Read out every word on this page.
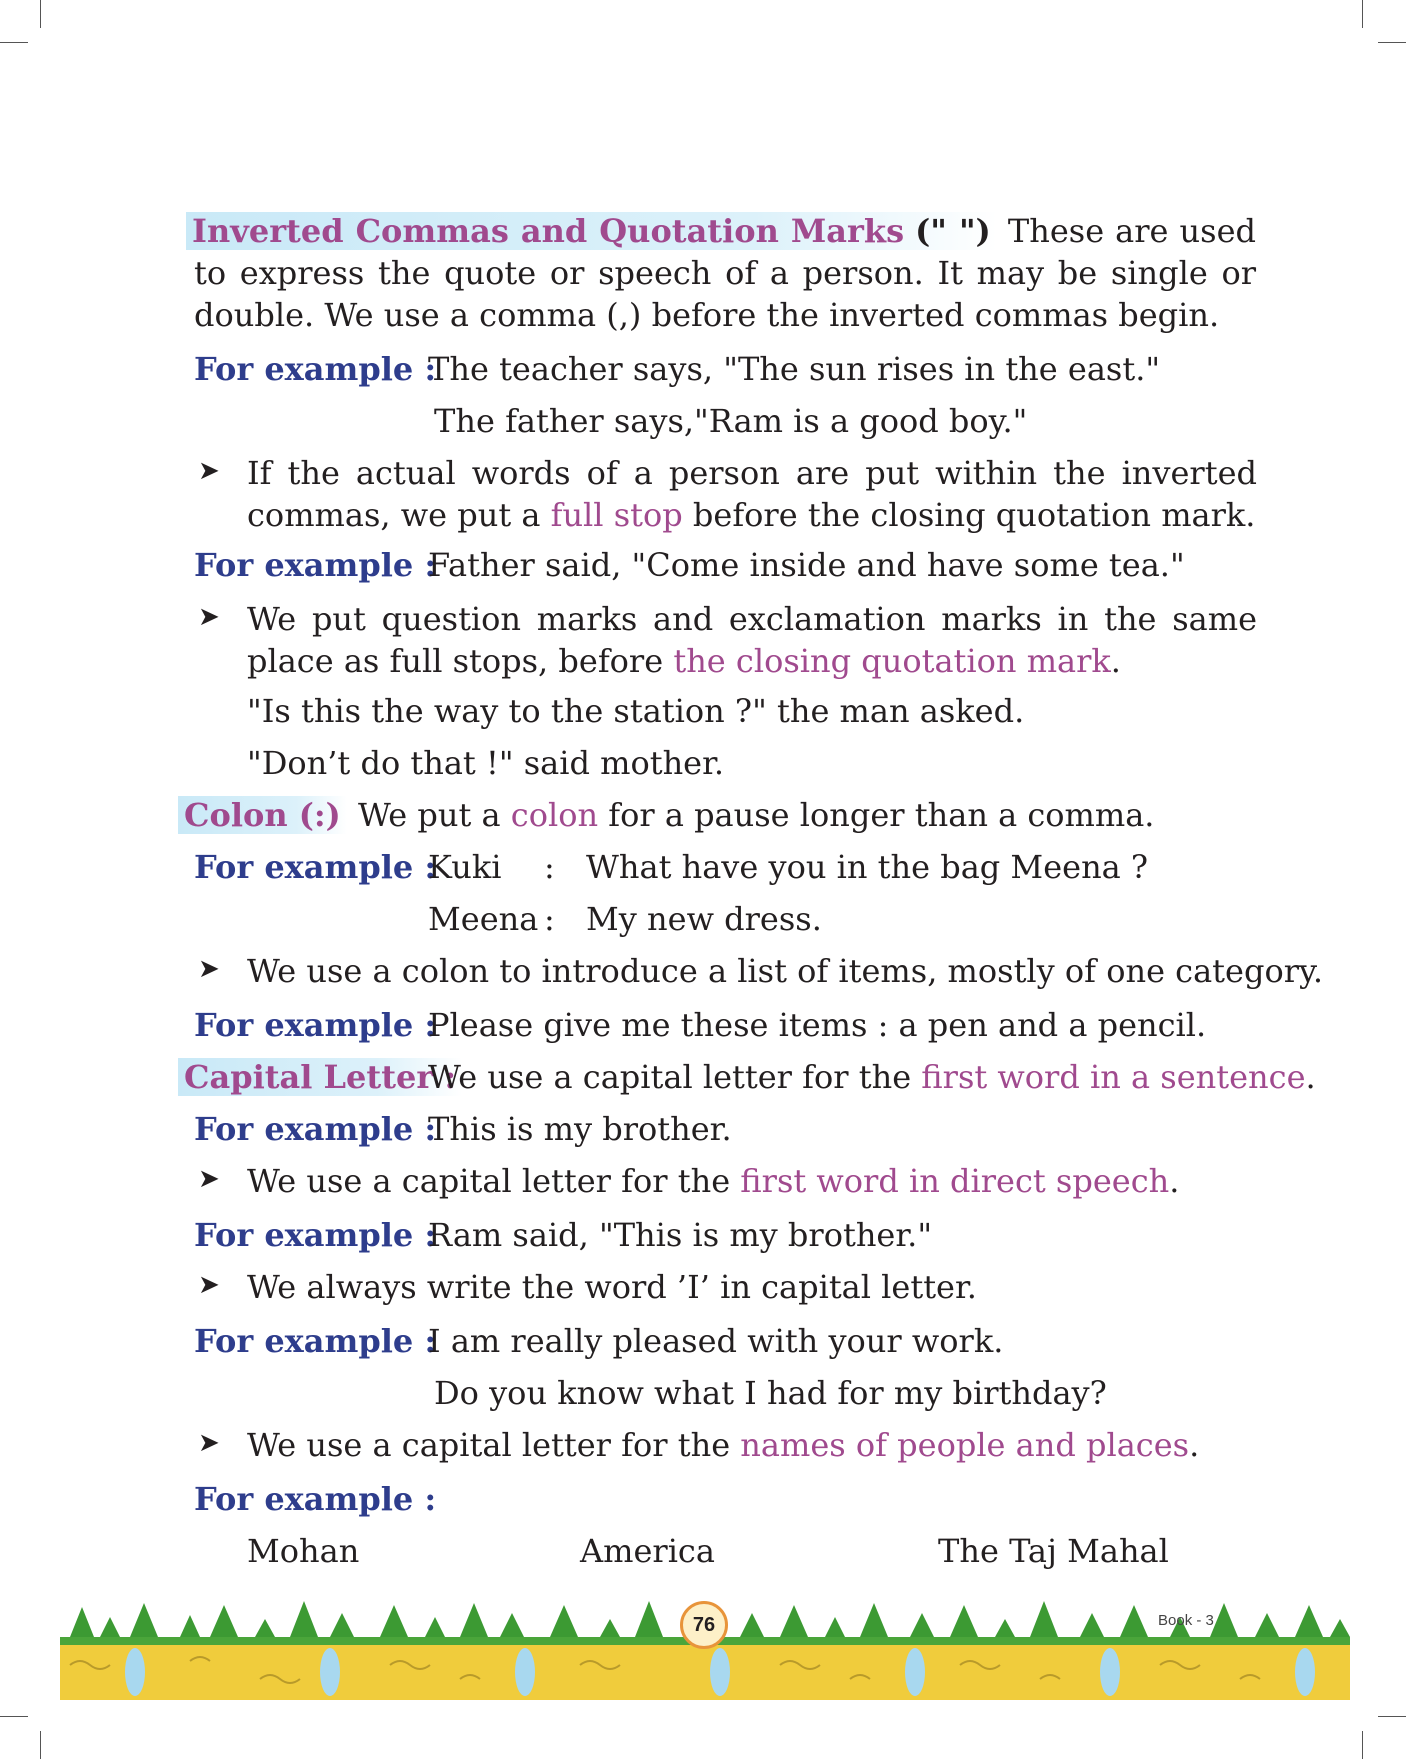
Inverted Commas and Quotation Marks (" ") These are used to express the quote or speech of a person. It may be single or double. We use a comma (,) before the inverted commas begin.

For example :
The teacher says, "The sun rises in the east."
The father says,"Ram is a good boy."
➤ If the actual words of a person are put within the inverted commas, we put a full stop before the closing quotation mark.
For example :
Father said, "Come inside and have some tea."
➤ We put question marks and exclamation marks in the same place as full stops, before the closing quotation mark.
"Is this the way to the station ?" the man asked.
"Don’t do that !" said mother.
Colon (:) We put a colon for a pause longer than a comma.
For example :
Kuki : What have you in the bag Meena ?
Meena : My new dress.
➤ We use a colon to introduce a list of items, mostly of one category.
For example :
Please give me these items : a pen and a pencil.
Capital Letter :
We use a capital letter for the first word in a sentence.
For example :
This is my brother.
➤ We use a capital letter for the first word in direct speech.
For example :
Ram said, "This is my brother."
➤ We always write the word ’I’ in capital letter.
For example :
I am really pleased with your work.
Do you know what I had for my birthday?
➤ We use a capital letter for the names of people and places.
For example :
Mohan	America	The Taj Mahal
76	Book - 3
